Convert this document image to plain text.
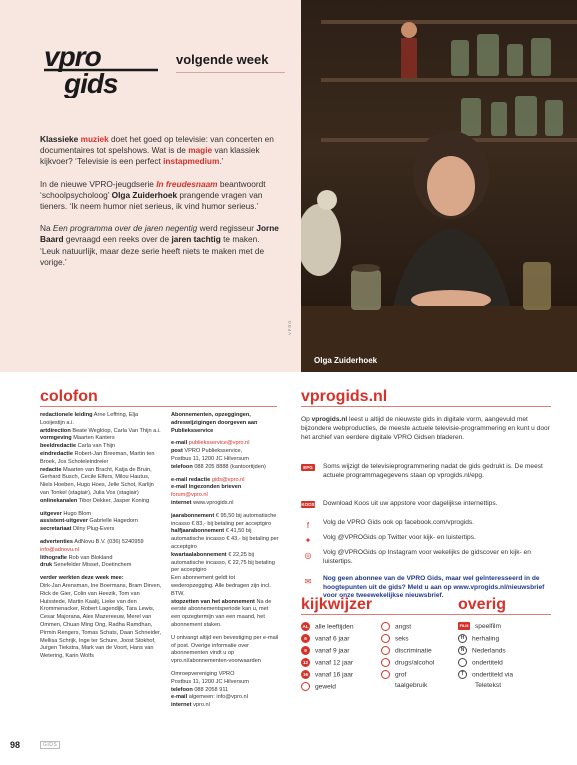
vpro
gids
volgende week

Klassieke muziek doet het goed op televisie: van concerten en documentaires tot spelshows. Wat is de magie van klassiek kijkvoer? ‘Televisie is een perfect instapmedium.’

In de nieuwe VPRO-jeugdserie In freudesnaam beantwoordt ‘schoolpsycholoog’ Olga Zuiderhoek prangende vragen van tieners. ‘Ik neem humor niet serieus, ik vind humor serieus.’

Na Een programma over de jaren negentig werd regisseur Jorne Baard gevraagd een reeks over de jaren tachtig te maken. ‘Leuk natuurlijk, maar deze serie heeft niets te maken met de vorige.’

VPRO
Olga Zuiderhoek
colofon
redactionele leiding Arne Leffring, Elja Looijestijn a.i.
artdirection Beate Weglöop, Carla Van Thijn a.i.
vormgeving Maarten Kanters
beeldredactie Carla van Thijn
eindredactie Robert-Jan Breeman, Martin ten Broek, Jos Schoteleindreier
redactie Maarten van Bracht, Katja de Bruin, Gerhard Busch, Cecile Elfers, Milou Hautus, Niels Hoeben, Hugo Hoes, Jelle Schot, Karlijn van Tonkel (stagiair), Julia Vos (stagiair)
onlinekanalen Tibor Dekker, Jasper Koning
uitgever Hugo Blom
assistent-uitgever Gabrielle Hagedorn
secretariaat Dilny Plug-Evers
advertenties AdNovu B.V. (036) 5240959
info@adnovu.nl
lithografie Rob van Blokland
druk Senefelder Misset, Doetinchem
verder werkten deze week mee:
Dirk-Jan Arensman, Ine Boermans, Bram Dirven, Rick de Gier, Colin van Heezik, Tom van Huisstede, Martin Kaalij, Lieke van den Krommenacker, Robert Lagendijk, Tara Lewis, Cesar Majorana, Alex Mazereeuw, Merel van Ommen, Chuan Ming Ong, Radha Ramdhan, Pirmin Rengers, Tomas Schats, Daan Schneider, Mellisa Schrijk, Inge ter Schure, Joost Stokhof, Jurgen Tiekstra, Mark van de Voort, Hans van Wetering, Karin Wolfs
Abonnementen, opzeggingen, adreswijzigingen doorgeven aan Publieksservice
e-mail publieksservice@vpro.nl
post VPRO Publieksservice,
Postbus 11, 1200 JC Hilversum
telefoon 088 205 8888 (kantoortijden)
e-mail redactie gids@vpro.nl
e-mail ingezonden brieven forum@vpro.nl
internet www.vprogids.nl
jaarabonnement € 95,50 bij automatische incasso € 83,- bij betaling per acceptgiro
halfjaarabonnement € 41,50 bij automatische incasso € 43,- bij betaling per acceptgiro
kwartaalabonnement € 22,25 bij automatische incasso, € 22,75 bij betaling per acceptgiro
Een abonnement geldt tot wederopzegging. Alle bedragen zijn incl. BTW.
stopzetten van het abonnement Na de eerste abonnementsperiode kan u, met een opzegtermijn van een maand, het abonnement staken.
U ontvangt altijd een bevestiging per e-mail of post. Overige informatie over abonnementen vindt u op vpro.nl/abonnementen-voorwaarden
Omroepvereniging VPRO
Postbus 11, 1200 JC Hilversum
telefoon 088 2058 911
e-mail algemeen: info@vpro.nl
internet vpro.nl
vprogids.nl
Op vprogids.nl leest u altijd de nieuwste gids in digitale vorm, aangevuld met bijzondere webproducties, de meeste actuele televisie-programmering en kunt u door het archief van eerdere digitale VPRO Gidsen bladeren.
EPG	Soms wijzigt de televisieprogrammering nadat de gids gedrukt is. De meest actuele programmagegevens staan op vprogids.nl/epg.
KOOS Download Koos uit uw appstore voor dagelijkse internettips.
f	Volg de VPRO Gids ook op facebook.com/vprogids.
✦	Volg @VPROGids op Twitter voor kijk- en luistertips.
◎	Volg @VPROGids op Instagram voor wekelijks de gidscover en kijk- en luistertips.
✉	Nog geen abonnee van de VPRO Gids, maar wel geïnteresseerd in de hoogtepunten uit de gids? Meld u aan op www.vprogids.nl/nieuwsbrief voor onze tweewekelijkse nieuwsbrief.
kijkwijzer	overig
AL alle leeftijden
6 vanaf 6 jaar
9 vanaf 9 jaar
12 vanaf 12 jaar
16 vanaf 16 jaar
geweld
angst
seks
discriminatie
drugs/alcohol
grof
taalgebruik
FILM speelfilm
H herhaling
N Nederlands
ondertiteld
T ondertiteld via
Teletekst
98	GIDS
